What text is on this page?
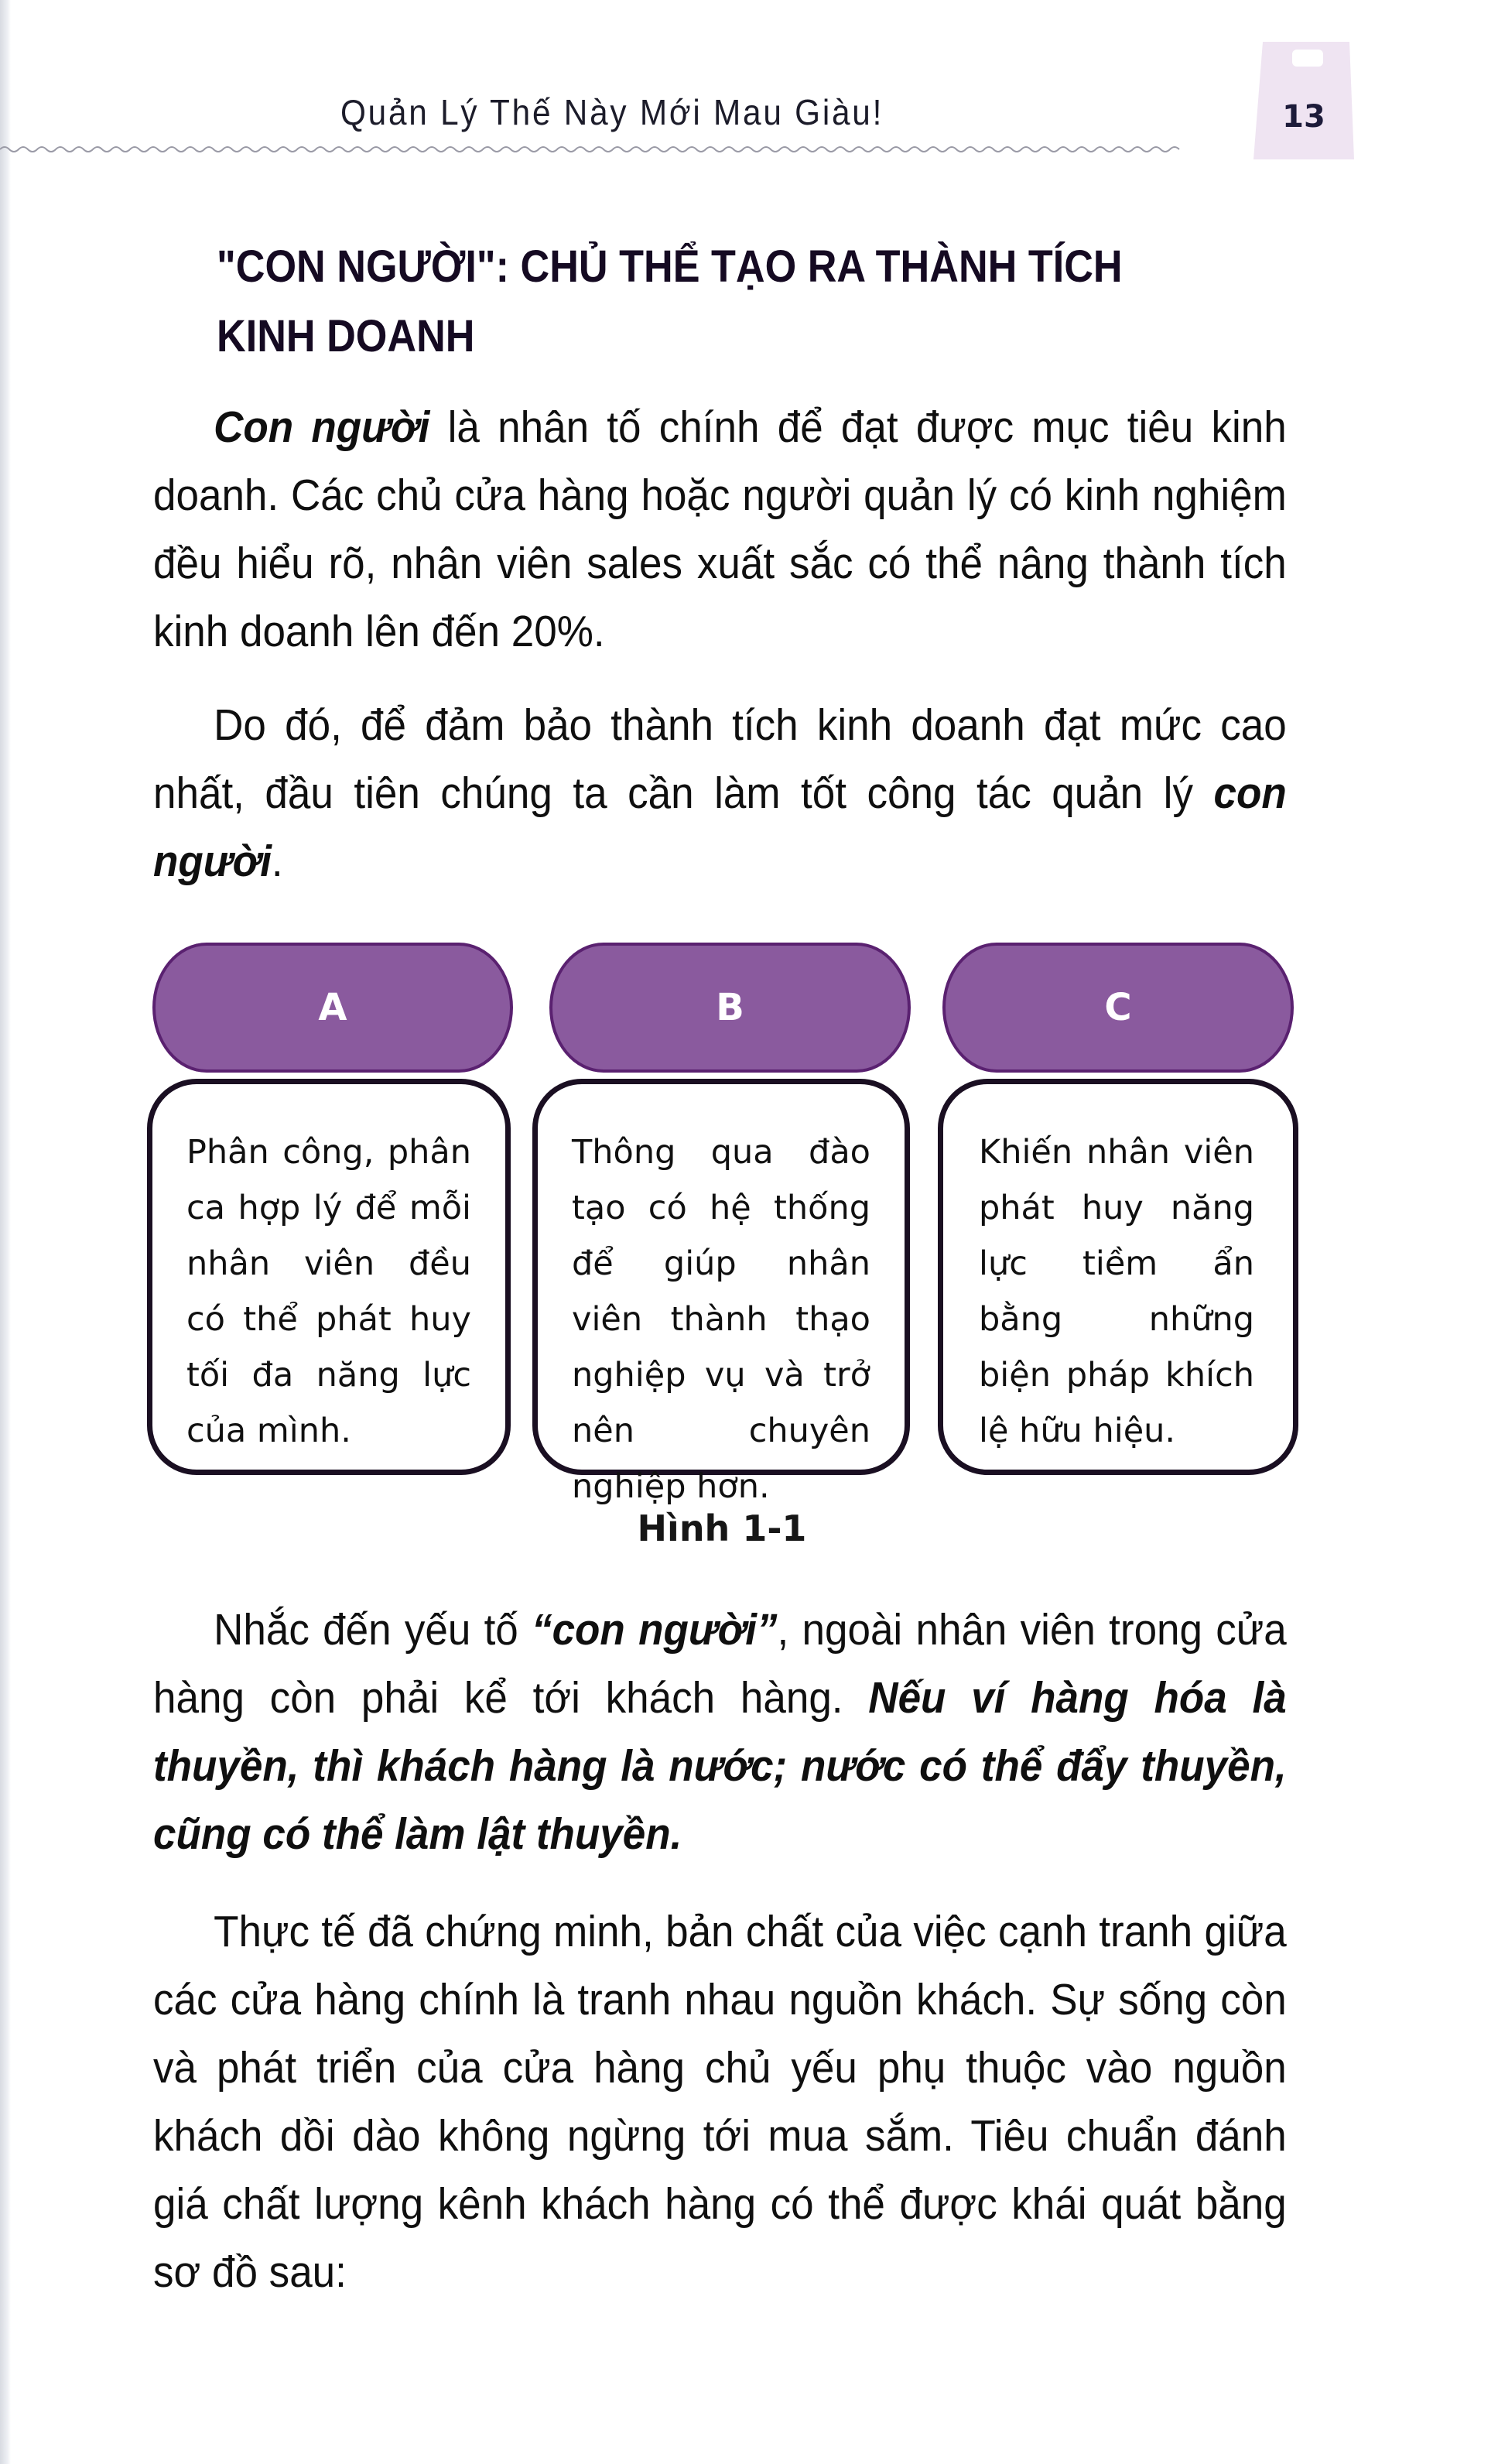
Quản Lý Thế Này Mới Mau Giàu!	13
"CON NGƯỜI": CHỦ THỂ TẠO RA THÀNH TÍCH KINH DOANH
Con người là nhân tố chính để đạt được mục tiêu kinh doanh. Các chủ cửa hàng hoặc người quản lý có kinh nghiệm đều hiểu rõ, nhân viên sales xuất sắc có thể nâng thành tích kinh doanh lên đến 20%.
Do đó, để đảm bảo thành tích kinh doanh đạt mức cao nhất, đầu tiên chúng ta cần làm tốt công tác quản lý con người.
A	B	C
Phân công, phân ca hợp lý để mỗi nhân viên đều có thể phát huy tối đa năng lực của mình.
Thông qua đào tạo có hệ thống để giúp nhân viên thành thạo nghiệp vụ và trở nên chuyên nghiệp hơn.
Khiến nhân viên phát huy năng lực tiềm ẩn bằng những biện pháp khích lệ hữu hiệu.
Hình 1-1
Nhắc đến yếu tố “con người”, ngoài nhân viên trong cửa hàng còn phải kể tới khách hàng. Nếu ví hàng hóa là thuyền, thì khách hàng là nước; nước có thể đẩy thuyền, cũng có thể làm lật thuyền.
Thực tế đã chứng minh, bản chất của việc cạnh tranh giữa các cửa hàng chính là tranh nhau nguồn khách. Sự sống còn và phát triển của cửa hàng chủ yếu phụ thuộc vào nguồn khách dồi dào không ngừng tới mua sắm. Tiêu chuẩn đánh giá chất lượng kênh khách hàng có thể được khái quát bằng sơ đồ sau:
